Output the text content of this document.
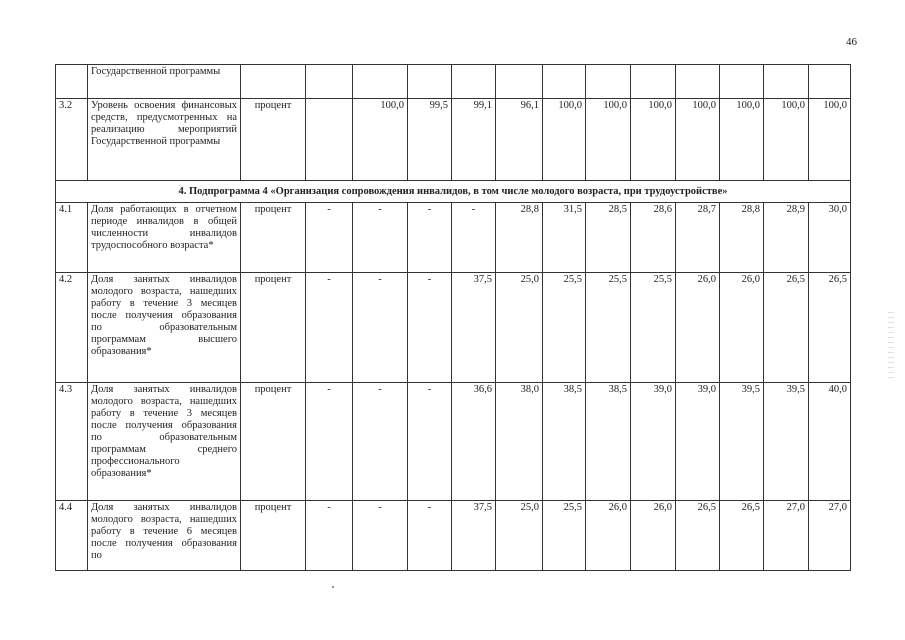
46
	Государственной программы													
3.2	Уровень освоения финансовых средств, предусмотренных на реализацию мероприятий Государственной программы	процент		100,0	99,5	99,1	96,1	100,0	100,0	100,0	100,0	100,0	100,0	100,0
4. Подпрограмма 4 «Организация сопровождения инвалидов, в том числе молодого возраста, при трудоустройстве»														
4.1	Доля работающих в отчетном периоде инвалидов в общей численности инвалидов трудоспособного возраста*	процент	-	-	-	-	28,8	31,5	28,5	28,6	28,7	28,8	28,9	30,0
4.2	Доля занятых инвалидов молодого возраста, нашедших работу в течение 3 месяцев после получения образования по образовательным программам высшего образования*	процент	-	-	-	37,5	25,0	25,5	25,5	25,5	26,0	26,0	26,5	26,5
4.3	Доля занятых инвалидов молодого возраста, нашедших работу в течение 3 месяцев после получения образования по образовательным программам среднего профессионального образования*	процент	-	-	-	36,6	38,0	38,5	38,5	39,0	39,0	39,5	39,5	40,0
4.4	Доля занятых инвалидов молодого возраста, нашедших работу в течение 6 месяцев после получения образования по	процент	-	-	-	37,5	25,0	25,5	26,0	26,0	26,5	26,5	27,0	27,0
